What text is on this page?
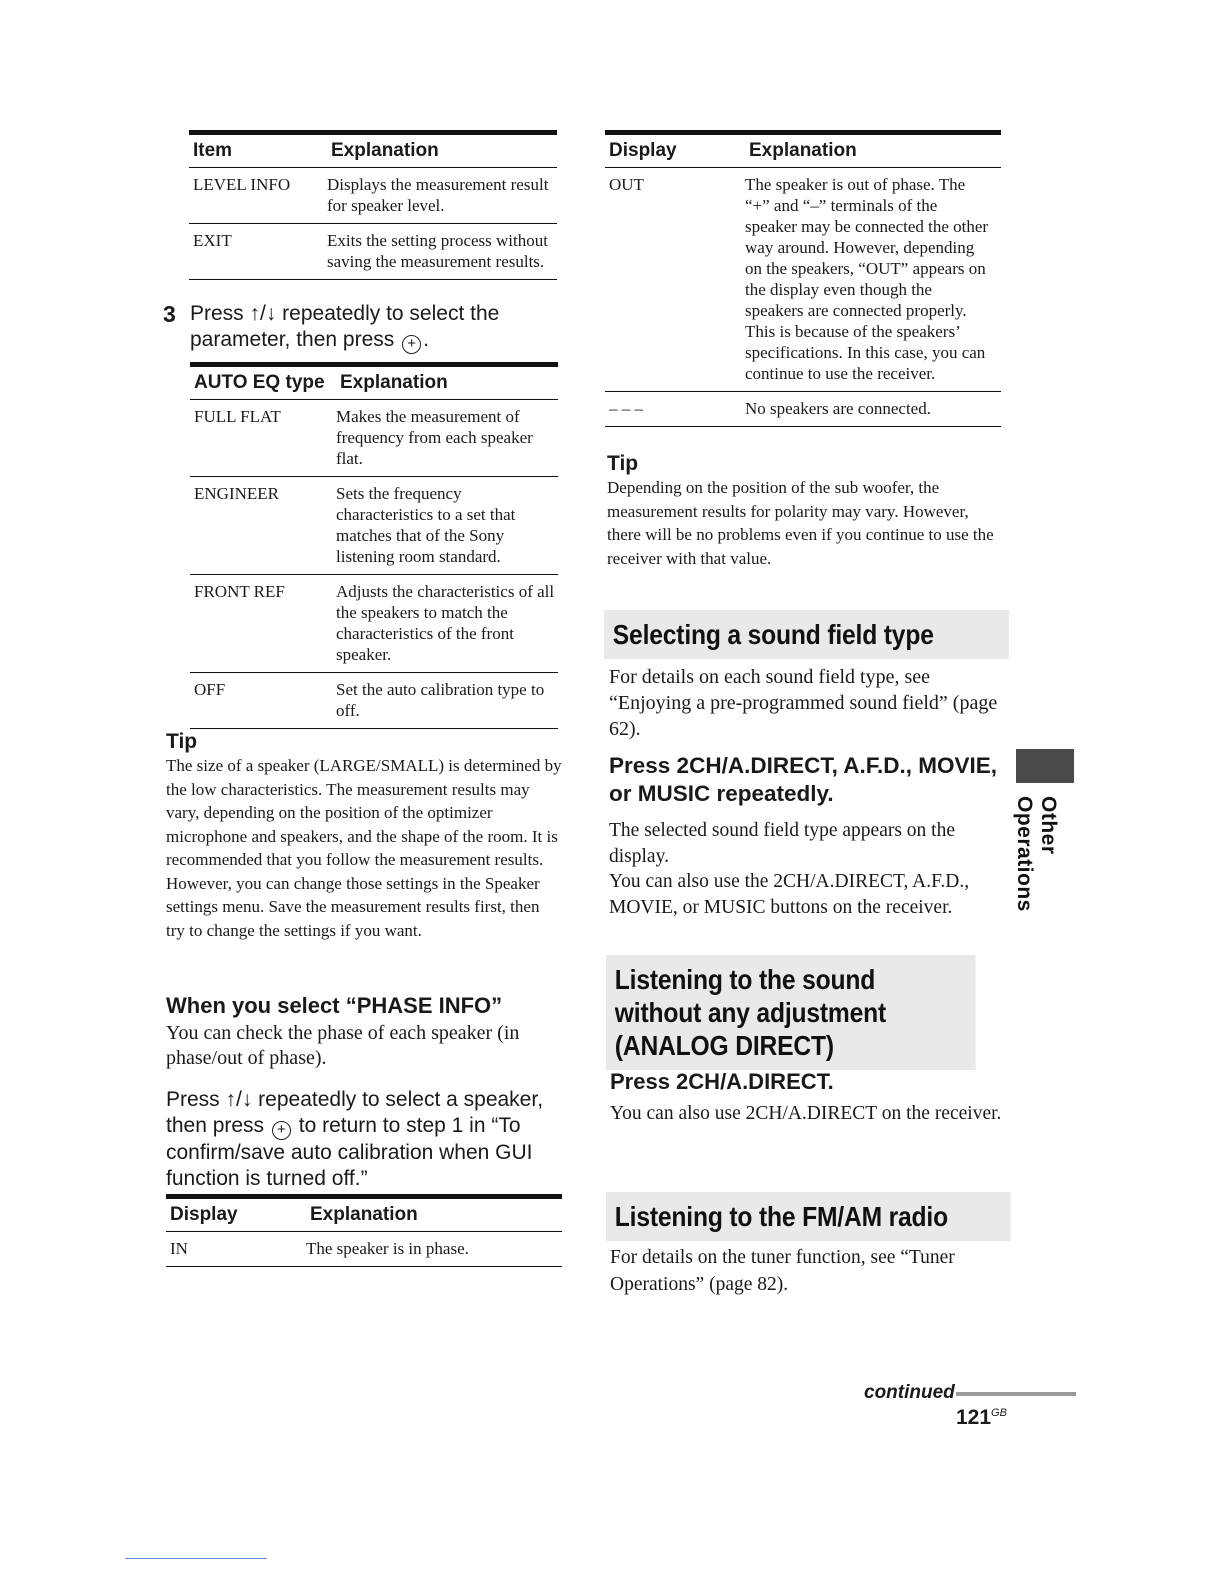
Item	Explanation
LEVEL INFO	Displays the measurement result for speaker level.
EXIT	Exits the setting process without saving the measurement results.

3 Press ↑/↓ repeatedly to select the parameter, then press + .

AUTO EQ type	Explanation
FULL FLAT	Makes the measurement of frequency from each speaker flat.
ENGINEER	Sets the frequency characteristics to a set that matches that of the Sony listening room standard.
FRONT REF	Adjusts the characteristics of all the speakers to match the characteristics of the front speaker.
OFF	Set the auto calibration type to off.

Tip

The size of a speaker (LARGE/SMALL) is determined by the low characteristics. The measurement results may vary, depending on the position of the optimizer microphone and speakers, and the shape of the room. It is recommended that you follow the measurement results. However, you can change those settings in the Speaker settings menu. Save the measurement results first, then try to change the settings if you want.

When you select “PHASE INFO”

You can check the phase of each speaker (in phase/out of phase).

Press ↑/↓ repeatedly to select a speaker, then press + to return to step 1 in “To confirm/save auto calibration when GUI function is turned off.”

Display	Explanation
IN	The speaker is in phase.
Display	Explanation
OUT	The speaker is out of phase. The “+” and “–” terminals of the speaker may be connected the other way around. However, depending on the speakers, “OUT” appears on the display even though the speakers are connected properly. This is because of the speakers’ specifications. In this case, you can continue to use the receiver.
– – –	No speakers are connected.

Tip

Depending on the position of the sub woofer, the measurement results for polarity may vary. However, there will be no problems even if you continue to use the receiver with that value.

Selecting a sound field type

For details on each sound field type, see “Enjoying a pre-programmed sound field” (page 62).

Press 2CH/A.DIRECT, A.F.D., MOVIE, or MUSIC repeatedly.

The selected sound field type appears on the display.

You can also use the 2CH/A.DIRECT, A.F.D., MOVIE, or MUSIC buttons on the receiver.

Listening to the sound without any adjustment (ANALOG DIRECT)

Press 2CH/A.DIRECT.

You can also use 2CH/A.DIRECT on the receiver.

Listening to the FM/AM radio

For details on the tuner function, see “Tuner Operations” (page 82).

Other Operations
continued
$121^{GB}$
